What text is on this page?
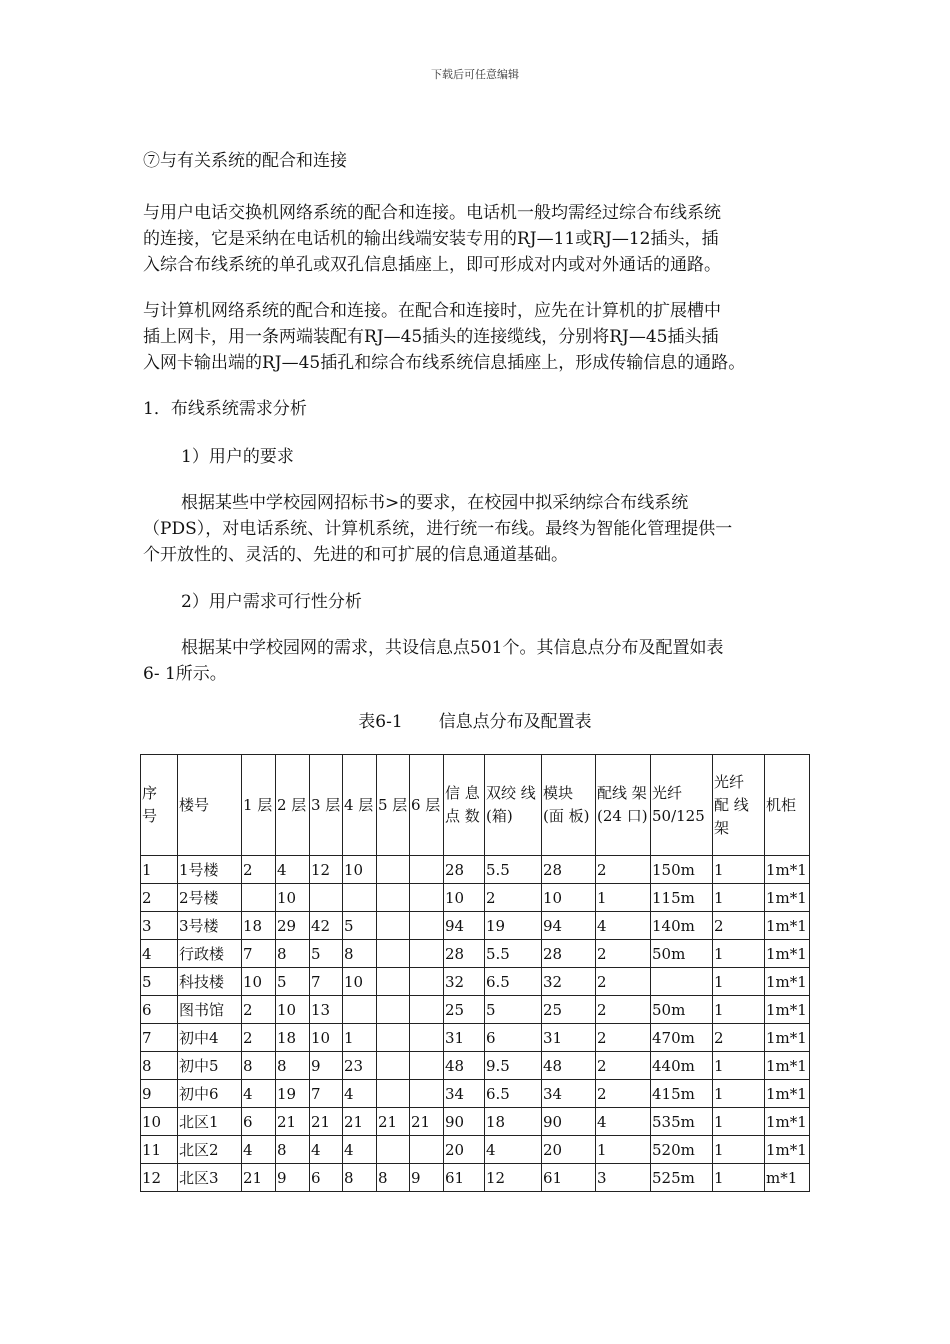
下载后可任意编辑
⑦与有关系统的配合和连接
与用户电话交换机网络系统的配合和连接。电话机一般均需经过综合布线系统
的连接，它是采纳在电话机的输出线端安装专用的RJ—11或RJ—12插头，插
入综合布线系统的单孔或双孔信息插座上，即可形成对内或对外通话的通路。
与计算机网络系统的配合和连接。在配合和连接时，应先在计算机的扩展槽中
插上网卡，用一条两端装配有RJ—45插头的连接缆线，分别将RJ—45插头插
入网卡输出端的RJ—45插孔和综合布线系统信息插座上，形成传输信息的通路。
1．布线系统需求分析
1）用户的要求
根据某些中学校园网招标书>的要求，在校园中拟采纳综合布线系统
（PDS），对电话系统、计算机系统，进行统一布线。最终为智能化管理提供一
个开放性的、灵活的、先进的和可扩展的信息通道基础。
2）用户需求可行性分析
根据某中学校园网的需求，共设信息点501个。其信息点分布及配置如表
6- 1所示。
表6-1 信息点分布及配置表
序 号	楼号	1 层	2 层	3 层	4 层	5 层	6 层	信 息 点 数	双绞 线 (箱)	模块 (面 板)	配线 架 (24 口)	光纤 50/125	光纤 配 线架	机柜
1	1号楼	2	4	12	10			28	5.5	28	2	150m	1	1m*1
2	2号楼		10					10	2	10	1	115m	1	1m*1
3	3号楼	18	29	42	5			94	19	94	4	140m	2	1m*1
4	行政楼	7	8	5	8			28	5.5	28	2	50m	1	1m*1
5	科技楼	10	5	7	10			32	6.5	32	2		1	1m*1
6	图书馆	2	10	13				25	5	25	2	50m	1	1m*1
7	初中4	2	18	10	1			31	6	31	2	470m	2	1m*1
8	初中5	8	8	9	23			48	9.5	48	2	440m	1	1m*1
9	初中6	4	19	7	4			34	6.5	34	2	415m	1	1m*1
10	北区1	6	21	21	21	21	21	90	18	90	4	535m	1	1m*1
11	北区2	4	8	4	4			20	4	20	1	520m	1	1m*1
12	北区3	21	9	6	8	8	9	61	12	61	3	525m	1	m*1
